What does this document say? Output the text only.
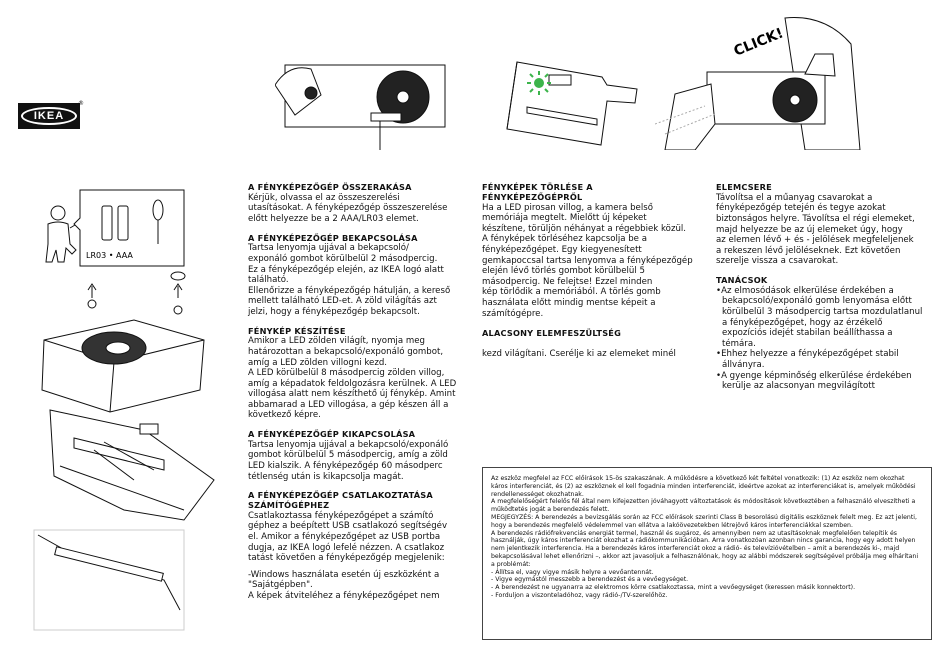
IKEA
®
LR03 • AAA
CLICK!
A FÉNYKÉPEZŐGÉP ÖSSZERAKÁSA

Kérjük, olvassa el az összeszerelési
utasításokat. A fényképezőgép összeszerelése
előtt helyezze be a 2 AAA/LR03 elemet.

A FÉNYKÉPEZŐGÉP BEKAPCSOLÁSA

Tartsa lenyomja ujjával a bekapcsoló/
exponáló gombot körülbelül 2 másodpercig.
Ez a fényképezőgép elején, az IKEA logó alatt
található.
Ellenőrizze a fényképezőgép hátulján, a kereső
mellett található LED-et. A zöld világítás azt
jelzi, hogy a fényképezőgép bekapcsolt.

FÉNYKÉP KÉSZÍTÉSE

Amikor a LED zölden világít, nyomja meg
határozottan a bekapcsoló/exponáló gombot,
amíg a LED zölden villogni kezd.
A LED körülbelül 8 másodpercig zölden villog,
amíg a képadatok feldolgozásra kerülnek. A LED
villogása alatt nem készíthető új fénykép. Amint
abbamarad a LED villogása, a gép készen áll a
következő képre.

A FÉNYKÉPEZŐGÉP KIKAPCSOLÁSA

Tartsa lenyomja ujjával a bekapcsoló/exponáló
gombot körülbelül 5 másodpercig, amíg a zöld
LED kialszik. A fényképezőgép 60 másodperc
tétlenség után is kikapcsolja magát.

A FÉNYKÉPEZŐGÉP CSATLAKOZTATÁSA
SZÁMÍTÓGÉPHEZ

Csatlakoztassa fényképezőgépet a számító
géphez a beépített USB csatlakozó segítségév
el. Amikor a fényképezőgépet az USB portba
dugja, az IKEA logó lefelé nézzen. A csatlakoz
tatást követően a fényképezőgép megjelenik:

-Windows használata esetén új eszközként a
"Sajátgépben".
A képek átviteléhez a fényképezőgépet nem

FÉNYKÉPEK TÖRLÉSE A
FÉNYKÉPEZŐGÉPRŐL

Ha a LED pirosan villog, a kamera belső
memóriája megtelt. Mielőtt új képeket
készítene, törüljön néhányat a régebbiek közül.
A fényképek törléséhez kapcsolja be a
fényképezőgépet. Egy kiegyenesített
gemkapoccsal tartsa lenyomva a fényképezőgép
elején lévő törlés gombot körülbelül 5
másodpercig. Ne felejtse! Ezzel minden
kép törlődik a memóriából. A törlés gomb
használata előtt mindig mentse képeit a
számítógépre.

ALACSONY ELEMFESZÜLTSÉG

kezd világítani. Cserélje ki az elemeket minél

ELEMCSERE

Távolítsa el a műanyag csavarokat a
fényképezőgép tetején és tegye azokat
biztonságos helyre. Távolítsa el régi elemeket,
majd helyezze be az új elemeket úgy, hogy
az elemen lévő + és - jelölések megfeleljenek
a rekeszen lévő jelöléseknek. Ezt követően
szerelje vissza a csavarokat.

TANÁCSOK
•Az elmosódások elkerülése érdekében a
bekapcsoló/exponáló gomb lenyomása előtt
körülbelül 3 másodpercig tartsa mozdulatlanul
a fényképezőgépet, hogy az érzékelő
expozíciós idejét stabilan beállíthassa a
témára.
•Ehhez helyezze a fényképezőgépet stabil
állványra.
•A gyenge képminőség elkerülése érdekében
kerülje az alacsonyan megvilágított
Az eszköz megfelel az FCC előírások 15-ös szakaszának. A működésre a következő két feltétel vonatkozik: (1) Az eszköz nem okozhat káros interferenciát, és (2) az eszköznek el kell fogadnia minden interferenciát, ideértve azokat az interferenciákat is, amelyek működési rendellenességet okozhatnak.
A megfelelőségért felelős fél által nem kifejezetten jóváhagyott változtatások és módosítások következtében a felhasználó elveszítheti a működtetés jogát a berendezés felett.
MEGJEGYZÉS: A berendezés a bevizsgálás során az FCC előírások szerinti Class B besorolású digitális eszköznek felelt meg. Ez azt jelenti, hogy a berendezés megfelelő védelemmel van ellátva a lakóövezetekben létrejövő káros interferenciákkal szemben.
A berendezés rádiófrekvenciás energiát termel, használ és sugároz, és amennyiben nem az utasításoknak megfelelően telepítik és használják, úgy káros interferenciát okozhat a rádiókommunikációban. Arra vonatkozóan azonban nincs garancia, hogy egy adott helyen nem jelentkezik interferencia. Ha a berendezés káros interferenciát okoz a rádió- és televízióvételben – amit a berendezés ki-, majd bekapcsolásával lehet ellenőrizni –, akkor azt javasoljuk a felhasználónak, hogy az alábbi módszerek segítségével próbálja meg elhárítani a problémát:
- Állítsa el, vagy vigye másik helyre a vevőantennát.
- Vigye egymástól messzebb a berendezést és a vevőegységet.
- A berendezést ne ugyanarra az elektromos körre csatlakoztassa, mint a vevőegységet (keressen másik konnektort).
- Forduljon a viszonteladóhoz, vagy rádió-/TV-szerelőhöz.
